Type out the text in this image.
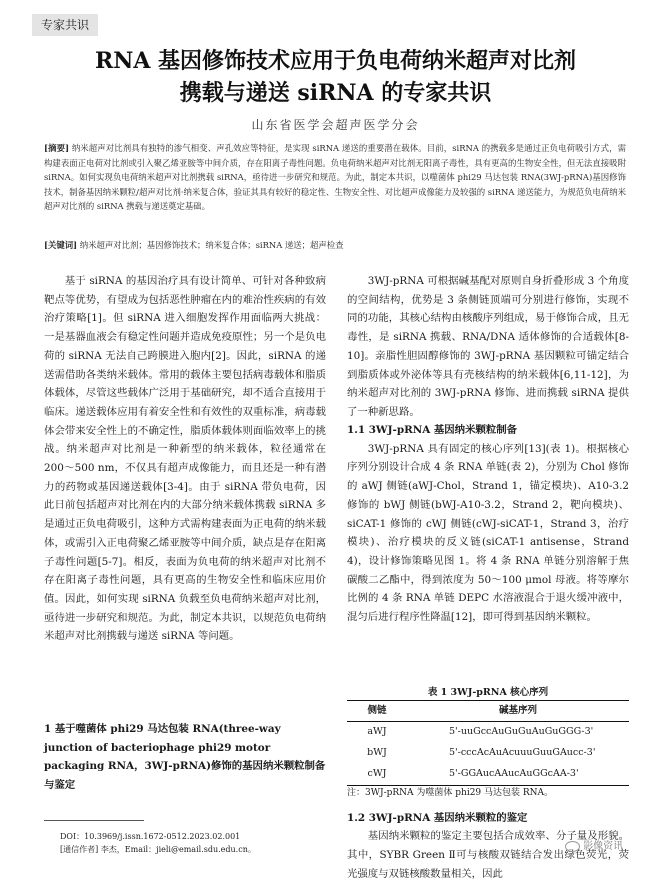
专家共识
RNA 基因修饰技术应用于负电荷纳米超声对比剂
携载与递送 siRNA 的专家共识
山东省医学会超声医学分会

[摘要] 纳米超声对比剂具有独特的渗气相变、声孔效应等特征，是实现 siRNA 递送的重要潜在载体。目前，siRNA 的携载多是通过正负电荷吸引方式，需构建表面正电荷对比剂或引入聚乙烯亚胺等中间介质，存在阳离子毒性问题。负电荷纳米超声对比剂无阳离子毒性，具有更高的生物安全性，但无法直接吸附 siRNA。如何实现负电荷纳米超声对比剂携载 siRNA，亟待进一步研究和规范。为此，制定本共识，以噬菌体 phi29 马达包装 RNA(3WJ-pRNA)基因修饰技术，制备基因纳米颗粒/超声对比剂·纳米复合体，验证其具有较好的稳定性、生物安全性、对比超声成像能力及较强的 siRNA 递送能力，为规范负电荷纳米超声对比剂的 siRNA 携载与递送奠定基础。

[关键词] 纳米超声对比剂；基因修饰技术；纳米复合体；siRNA 递送；超声检查

基于 siRNA 的基因治疗具有设计简单、可针对各种致病靶点等优势，有望成为包括恶性肿瘤在内的难治性疾病的有效治疗策略[1]。但 siRNA 进入细胞发挥作用面临两大挑战：一是基器血液会有稳定性问题并造成免疫原性；另一个是负电荷的 siRNA 无法自己跨膜进入胞内[2]。因此，siRNA 的递送需借助各类纳米载体。常用的载体主要包括病毒载体和脂质体载体，尽管这些载体广泛用于基础研究，却不适合直接用于临床。递送载体应用有着安全性和有效性的双重标准，病毒载体会带来安全性上的不确定性，脂质体载体则面临效率上的挑战。纳米超声对比剂是一种新型的纳米载体，粒径通常在 200～500 nm，不仅具有超声成像能力，而且还是一种有潜力的药物或基因递送载体[3-4]。由于 siRNA 带负电荷，因此日前包括超声对比剂在内的大部分纳米载体携载 siRNA 多是通过正负电荷吸引，这种方式需构建表面为正电荷的纳米载体，或需引入正电荷聚乙烯亚胺等中间介质，缺点是存在阳离子毒性问题[5-7]。相反，表面为负电荷的纳米超声对比剂不存在阳离子毒性问题，具有更高的生物安全性和临床应用价值。因此，如何实现 siRNA 负载至负电荷纳米超声对比剂，亟待进一步研究和规范。为此，制定本共识，以规范负电荷纳米超声对比剂携载与递送 siRNA 等问题。

1 基于噬菌体 phi29 马达包装 RNA(three-way junction of bacteriophage phi29 motor packaging RNA，3WJ-pRNA)修饰的基因纳米颗粒制备与鉴定

3WJ-pRNA 可根据碱基配对原则自身折叠形成 3 个角度的空间结构，优势是 3 条侧链顶端可分别进行修饰，实现不同的功能，其核心结构由核酸序列组成，易于修饰合成，且无毒性，是 siRNA 携载、RNA/DNA 适体修饰的合适载体[8-10]。亲脂性胆固醇修饰的 3WJ-pRNA 基因颗粒可锚定结合到脂质体或外泌体等具有壳核结构的纳米载体[6,11-12]，为纳米超声对比剂的 3WJ-pRNA 修饰、进而携载 siRNA 提供了一种新思路。

1.1 3WJ-pRNA 基因纳米颗粒制备

3WJ-pRNA 具有固定的核心序列[13](表 1)。根据核心序列分别设计合成 4 条 RNA 单链(表 2)，分别为 Chol 修饰的 aWJ 侧链(aWJ-Chol，Strand 1，锚定模块)、A10-3.2 修饰的 bWJ 侧链(bWJ-A10-3.2，Strand 2，靶向模块)、siCAT-1 修饰的 cWJ 侧链(cWJ-siCAT-1，Strand 3，治疗模块)、治疗模块的反义链(siCAT-1 antisense，Strand 4)，设计修饰策略见图 1。将 4 条 RNA 单链分别溶解于焦碳酸二乙酯中，得到浓度为 50～100 μmol 母液。将等摩尔比例的 4 条 RNA 单链 DEPC 水溶液混合于退火缓冲液中，混匀后进行程序性降温[12]，即可得到基因纳米颗粒。

表 1 3WJ-pRNA 核心序列
侧链	碱基序列
aWJ	5'-uuGccAuGuGuAuGuGGG-3'
bWJ	5'-cccAcAuAcuuuGuuGAucc-3'
cWJ	5'-GGAucAAucAuGGcAA-3'
注：3WJ-pRNA 为噬菌体 phi29 马达包装 RNA。
1.2 3WJ-pRNA 基因纳米颗粒的鉴定

基因纳米颗粒的鉴定主要包括合成效率、分子量及形貌。其中，SYBR Green Ⅱ可与核酸双链结合发出绿色荧光，荧光强度与双链核酸数量相关，因此

DOI：10.3969/j.issn.1672-0512.2023.02.001

[通信作者] 李杰，Email：jieli@email.sdu.edu.cn。	影像资讯
